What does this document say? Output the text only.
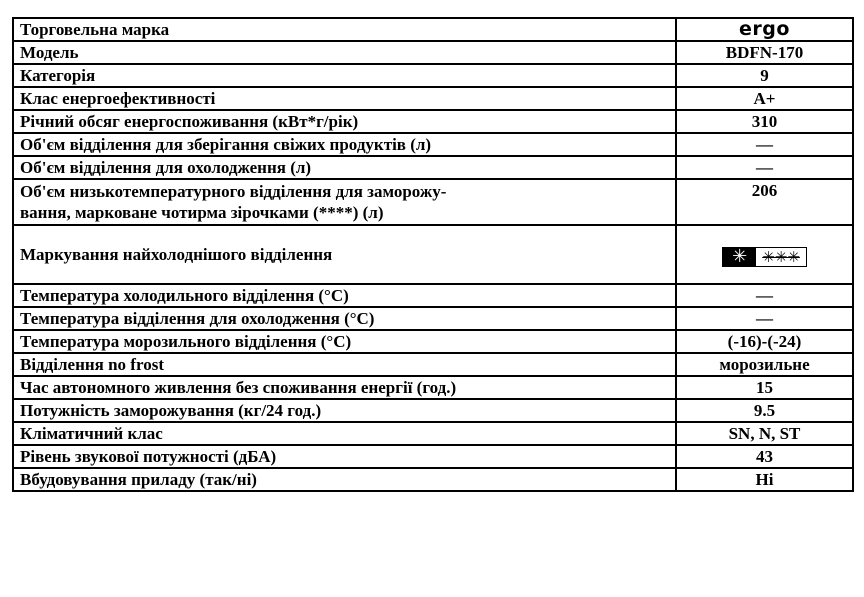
Торговельна марка	ergo
Модель	BDFN-170
Категорія	9
Клас енергоефективності	A+
Річний обсяг енергоспоживання (кВт*г/рік)	310
Об'єм відділення для зберігання свіжих продуктів (л)	—
Об'єм відділення для охолодження (л)	—
Об'єм низькотемпературного відділення для заморожу-
вання, марковане чотирма зірочками (****) (л)	206
Маркування найхолоднішого відділення	✳ ✳✳✳

Температура холодильного відділення (°C)	—
Температура відділення для охолодження (°C)	—
Температура морозильного відділення (°C)	(-16)-(-24)
Відділення no frost	морозильне
Час автономного живлення без споживання енергії (год.)	15
Потужність заморожування (кг/24 год.)	9.5
Кліматичний клас	SN, N, ST
Рівень звукової потужності (дБА)	43
Вбудовування приладу (так/ні)	Ні
